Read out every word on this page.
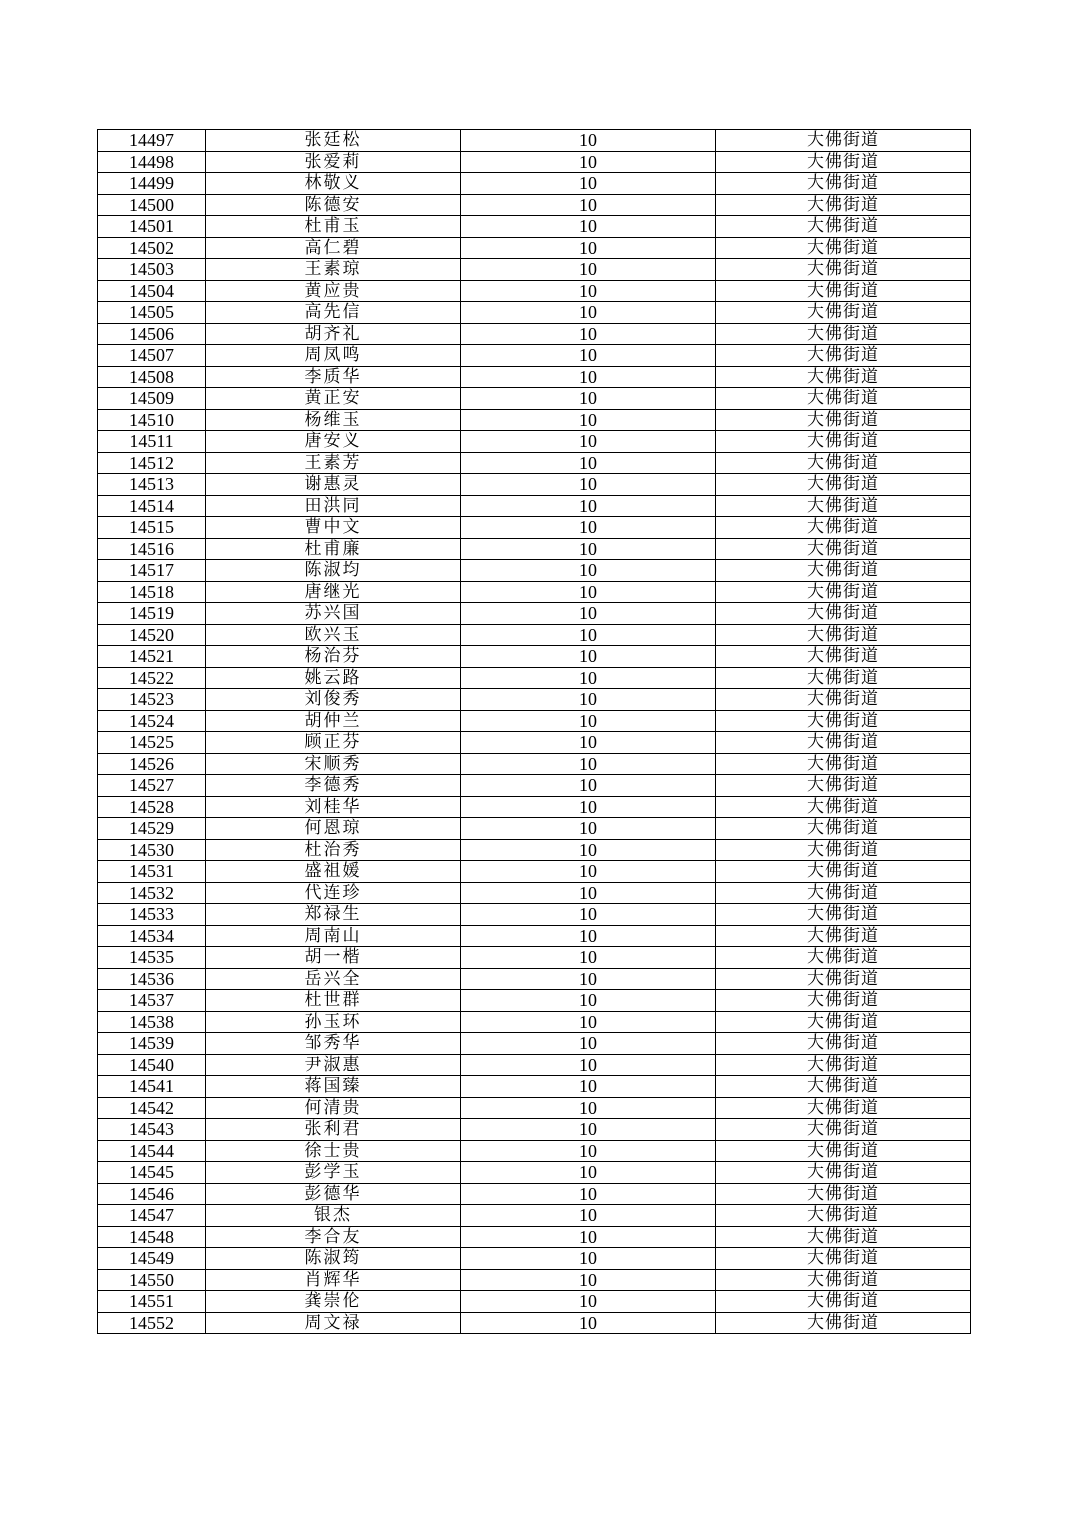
14497	张廷松	10	大佛街道
14498	张爱莉	10	大佛街道
14499	林敬义	10	大佛街道
14500	陈德安	10	大佛街道
14501	杜甫玉	10	大佛街道
14502	高仁碧	10	大佛街道
14503	王素琼	10	大佛街道
14504	黄应贵	10	大佛街道
14505	高先信	10	大佛街道
14506	胡齐礼	10	大佛街道
14507	周凤鸣	10	大佛街道
14508	李质华	10	大佛街道
14509	黄正安	10	大佛街道
14510	杨维玉	10	大佛街道
14511	唐安义	10	大佛街道
14512	王素芳	10	大佛街道
14513	谢惠灵	10	大佛街道
14514	田洪同	10	大佛街道
14515	曹中文	10	大佛街道
14516	杜甫廉	10	大佛街道
14517	陈淑均	10	大佛街道
14518	唐继光	10	大佛街道
14519	苏兴国	10	大佛街道
14520	欧兴玉	10	大佛街道
14521	杨治芬	10	大佛街道
14522	姚云路	10	大佛街道
14523	刘俊秀	10	大佛街道
14524	胡仲兰	10	大佛街道
14525	顾正芬	10	大佛街道
14526	宋顺秀	10	大佛街道
14527	李德秀	10	大佛街道
14528	刘桂华	10	大佛街道
14529	何恩琼	10	大佛街道
14530	杜治秀	10	大佛街道
14531	盛祖媛	10	大佛街道
14532	代连珍	10	大佛街道
14533	郑禄生	10	大佛街道
14534	周南山	10	大佛街道
14535	胡一楷	10	大佛街道
14536	岳兴全	10	大佛街道
14537	杜世群	10	大佛街道
14538	孙玉环	10	大佛街道
14539	邹秀华	10	大佛街道
14540	尹淑惠	10	大佛街道
14541	蒋国臻	10	大佛街道
14542	何清贵	10	大佛街道
14543	张利君	10	大佛街道
14544	徐士贵	10	大佛街道
14545	彭学玉	10	大佛街道
14546	彭德华	10	大佛街道
14547	银杰	10	大佛街道
14548	李合友	10	大佛街道
14549	陈淑筠	10	大佛街道
14550	肖辉华	10	大佛街道
14551	龚崇伦	10	大佛街道
14552	周文禄	10	大佛街道
